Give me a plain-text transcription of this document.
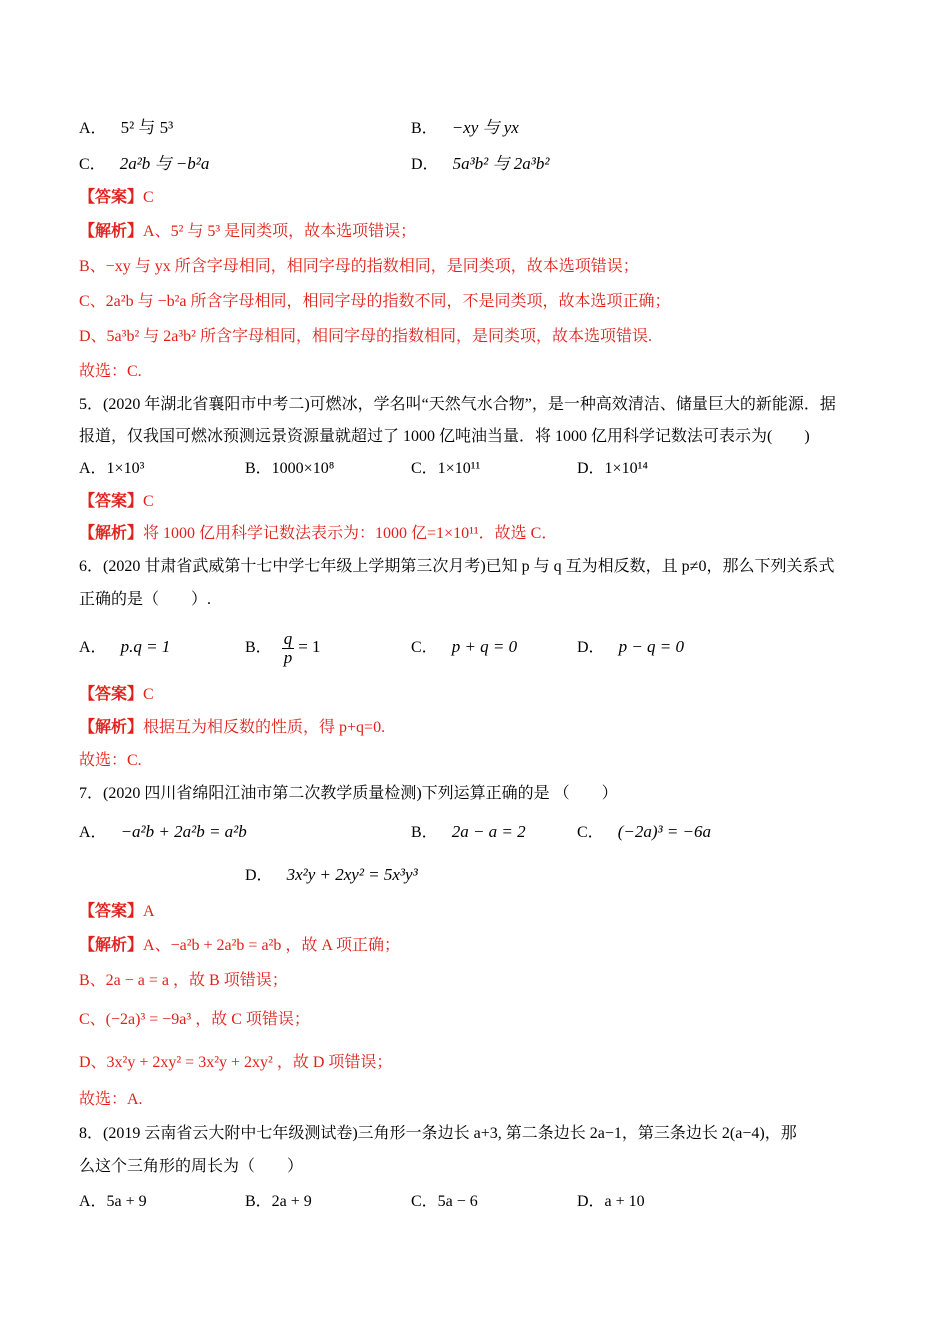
A． 5² 与 5³	B． −xy 与 yx
C． 2a²b 与 −b²a	D． 5a³b² 与 2a³b²
【答案】C
【解析】A、5² 与 5³ 是同类项，故本选项错误；
B、−xy 与 yx 所含字母相同，相同字母的指数相同，是同类项，故本选项错误；
C、2a²b 与 −b²a 所含字母相同，相同字母的指数不同，不是同类项，故本选项正确；
D、5a³b² 与 2a³b² 所含字母相同，相同字母的指数相同，是同类项，故本选项错误.
故选：C.
5．(2020 年湖北省襄阳市中考二)可燃冰，学名叫“天然气水合物”，是一种高效清洁、储量巨大的新能源．据
报道，仅我国可燃冰预测远景资源量就超过了 1000 亿吨油当量．将 1000 亿用科学记数法可表示为(　　)
A．1×10³	B．1000×10⁸	C．1×10¹¹	D．1×10¹⁴
【答案】C
【解析】将 1000 亿用科学记数法表示为：1000 亿=1×10¹¹．故选 C．
6．(2020 甘肃省武威第十七中学七年级上学期第三次月考)已知 p 与 q 互为相反数，且 p≠0，那么下列关系式
正确的是（　　）.
A． p.q = 1	B． $\frac{q}{p} = 1$	C． p + q = 0	D． p − q = 0
【答案】C
【解析】根据互为相反数的性质，得 p+q=0.
故选：C.
7．(2020 四川省绵阳江油市第二次教学质量检测)下列运算正确的是 （　　）
A． −a²b + 2a²b = a²b	B． 2a − a = 2	C． (−2a)³ = −6a
D． 3x²y + 2xy² = 5x³y³
【答案】A
【解析】A、−a²b + 2a²b = a²b ，故 A 项正确；
B、2a − a = a ，故 B 项错误；
C、(−2a)³ = −9a³ ，故 C 项错误；
D、3x²y + 2xy² = 3x²y + 2xy² ，故 D 项错误；
故选：A.
8．(2019 云南省云大附中七年级测试卷)三角形一条边长 a+3, 第二条边长 2a−1，第三条边长 2(a−4)，那
么这个三角形的周长为（　　）
A．5a + 9	B．2a + 9	C．5a − 6	D．a + 10
